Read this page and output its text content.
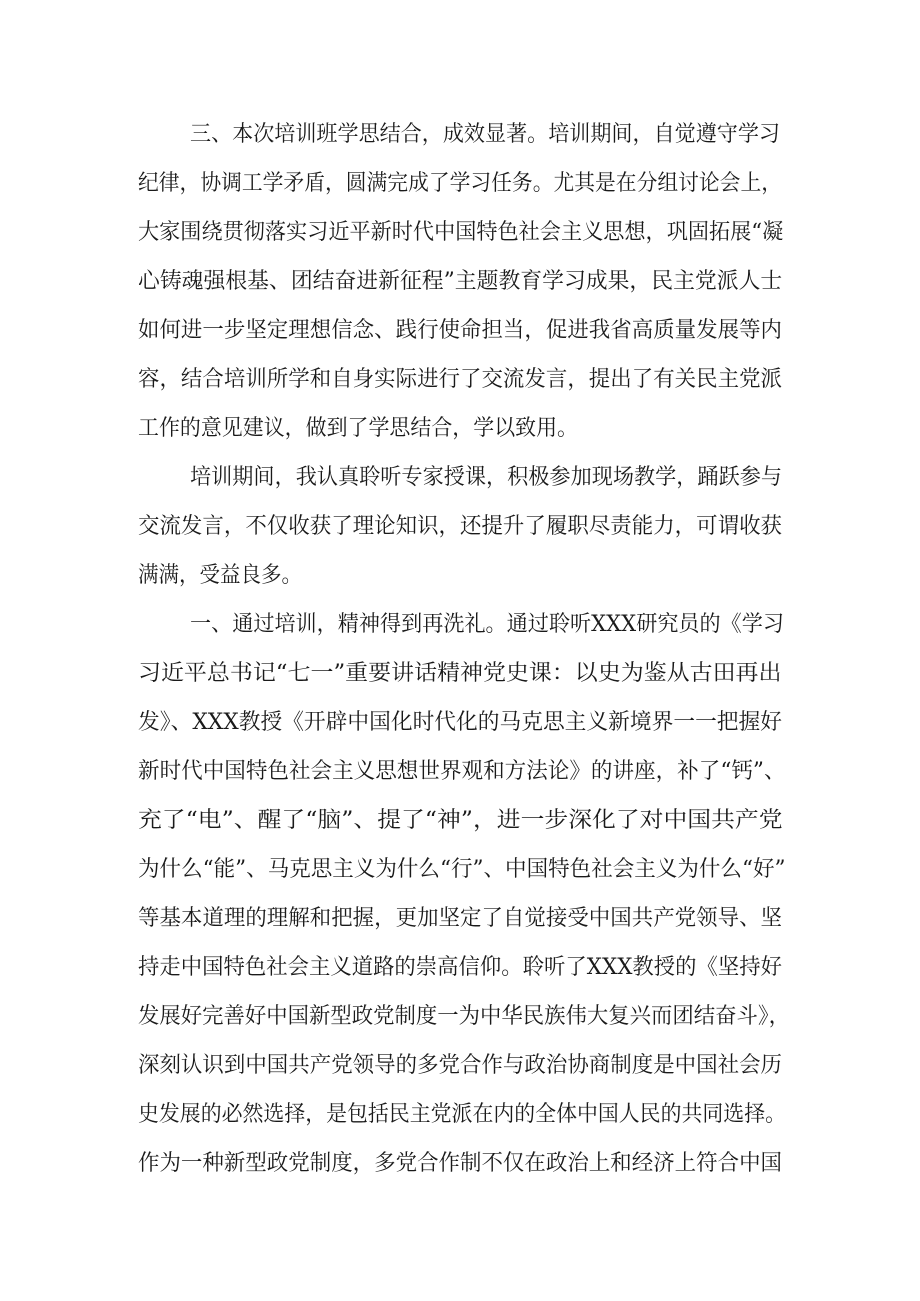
三、本次培训班学思结合，成效显著。培训期间，自觉遵守学习
纪律，协调工学矛盾，圆满完成了学习任务。尤其是在分组讨论会上，
大家围绕贯彻落实习近平新时代中国特色社会主义思想，巩固拓展“凝
心铸魂强根基、团结奋进新征程”主题教育学习成果，民主党派人士
如何进一步坚定理想信念、践行使命担当，促进我省高质量发展等内
容，结合培训所学和自身实际进行了交流发言，提出了有关民主党派
工作的意见建议，做到了学思结合，学以致用。
培训期间，我认真聆听专家授课，积极参加现场教学，踊跃参与
交流发言，不仅收获了理论知识，还提升了履职尽责能力，可谓收获
满满，受益良多。
一、通过培训，精神得到再洗礼。通过聆听XXX研究员的《学习
习近平总书记“七一”重要讲话精神党史课：以史为鉴从古田再出
发》、XXX教授《开辟中国化时代化的马克思主义新境界一一把握好
新时代中国特色社会主义思想世界观和方法论》的讲座，补了“钙”、
充了“电”、醒了“脑”、提了“神”，进一步深化了对中国共产党
为什么“能”、马克思主义为什么“行”、中国特色社会主义为什么“好”
等基本道理的理解和把握，更加坚定了自觉接受中国共产党领导、坚
持走中国特色社会主义道路的崇高信仰。聆听了XXX教授的《坚持好
发展好完善好中国新型政党制度一为中华民族伟大复兴而团结奋斗》，
深刻认识到中国共产党领导的多党合作与政治协商制度是中国社会历
史发展的必然选择，是包括民主党派在内的全体中国人民的共同选择。
作为一种新型政党制度，多党合作制不仅在政治上和经济上符合中国
